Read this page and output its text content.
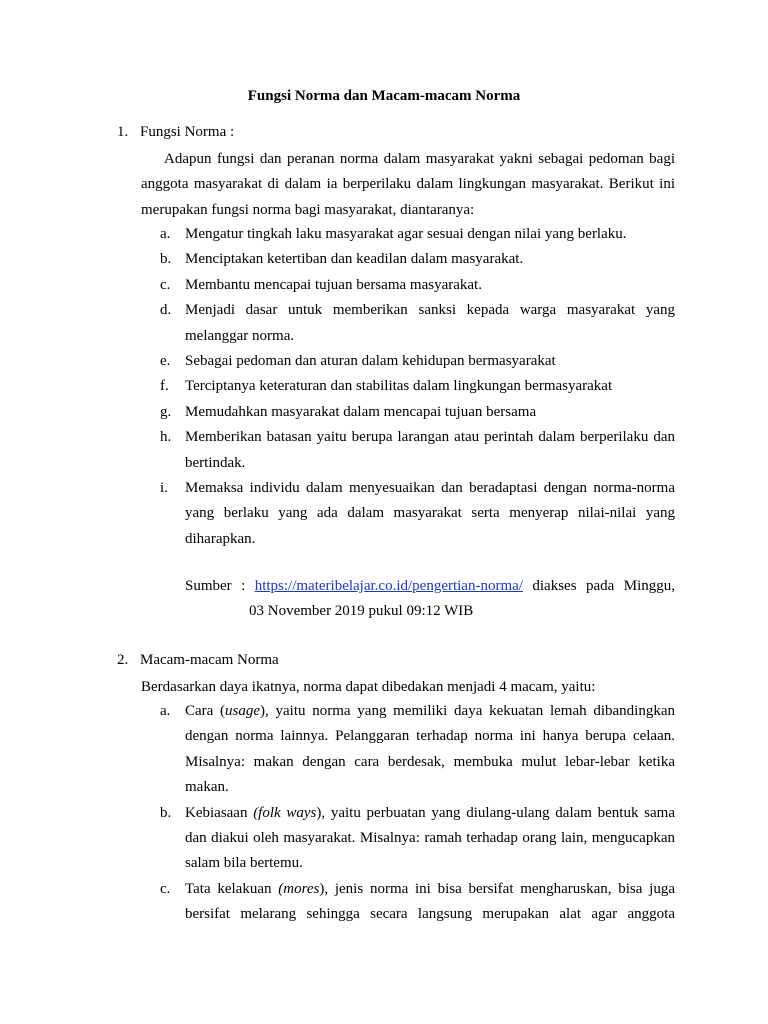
Fungsi Norma dan Macam-macam Norma
1. Fungsi Norma :

Adapun fungsi dan peranan norma dalam masyarakat yakni sebagai pedoman bagi anggota masyarakat di dalam ia berperilaku dalam lingkungan masyarakat. Berikut ini merupakan fungsi norma bagi masyarakat, diantaranya:

a. Mengatur tingkah laku masyarakat agar sesuai dengan nilai yang berlaku.
b. Menciptakan ketertiban dan keadilan dalam masyarakat.
c. Membantu mencapai tujuan bersama masyarakat.
d. Menjadi dasar untuk memberikan sanksi kepada warga masyarakat yang melanggar norma.
e. Sebagai pedoman dan aturan dalam kehidupan bermasyarakat
f. Terciptanya keteraturan dan stabilitas dalam lingkungan bermasyarakat
g. Memudahkan masyarakat dalam mencapai tujuan bersama
h. Memberikan batasan yaitu berupa larangan atau perintah dalam berperilaku dan bertindak.
i. Memaksa individu dalam menyesuaikan dan beradaptasi dengan norma-norma yang berlaku yang ada dalam masyarakat serta menyerap nilai-nilai yang diharapkan.
Sumber : https://materibelajar.co.id/pengertian-norma/ diakses pada Minggu,
03 November 2019 pukul 09:12 WIB
2. Macam-macam Norma

Berdasarkan daya ikatnya, norma dapat dibedakan menjadi 4 macam, yaitu:

a. Cara (usage), yaitu norma yang memiliki daya kekuatan lemah dibandingkan dengan norma lainnya. Pelanggaran terhadap norma ini hanya berupa celaan. Misalnya: makan dengan cara berdesak, membuka mulut lebar-lebar ketika makan.
b. Kebiasaan (folk ways), yaitu perbuatan yang diulang-ulang dalam bentuk sama dan diakui oleh masyarakat. Misalnya: ramah terhadap orang lain, mengucapkan salam bila bertemu.
c. Tata kelakuan (mores), jenis norma ini bisa bersifat mengharuskan, bisa juga bersifat melarang sehingga secara langsung merupakan alat agar anggota
